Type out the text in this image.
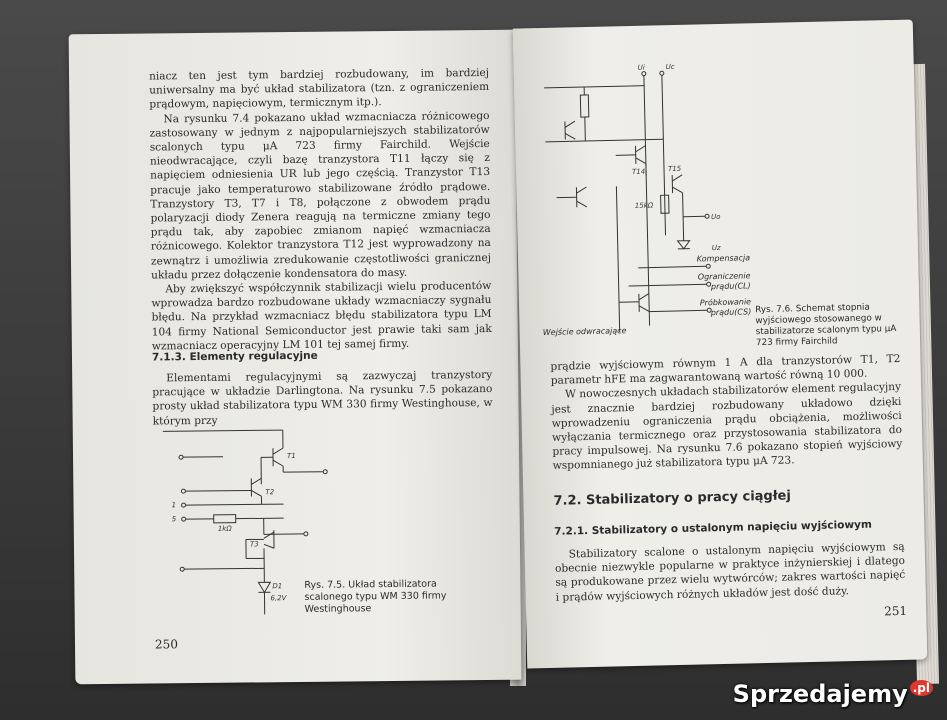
niacz ten jest tym bardziej rozbudowany, im bardziej uniwersalny ma być układ stabilizatora (tzn. z ograniczeniem prądowym, napięciowym, termicznym itp.).

Na rysunku 7.4 pokazano układ wzmacniacza różnicowego zastosowany w jednym z najpopularniejszych stabilizatorów scalonych typu μA 723 firmy Fairchild. Wejście nieodwracające, czyli bazę tranzystora T11 łączy się z napięciem odniesienia UR lub jego częścią. Tranzystor T13 pracuje jako temperaturowo stabilizowane źródło prądowe. Tranzystory T3, T7 i T8, połączone z obwodem prądu polaryzacji diody Zenera reagują na termiczne zmiany tego prądu tak, aby zapobiec zmianom napięć wzmacniacza różnicowego. Kolektor tranzystora T12 jest wyprowadzony na zewnątrz i umożliwia zredukowanie częstotliwości granicznej układu przez dołączenie kondensatora do masy.

Aby zwiększyć współczynnik stabilizacji wielu producentów wprowadza bardzo rozbudowane układy wzmacniaczy sygnału błędu. Na przykład wzmacniacz błędu stabilizatora typu LM 104 firmy National Semiconductor jest prawie taki sam jak wzmacniacz operacyjny LM 101 tej samej firmy.

7.1.3. Elementy regulacyjne

Elementami regulacyjnymi są zazwyczaj tranzystory pracujące w układzie Darlingtona. Na rysunku 7.5 pokazano prosty układ stabilizatora typu WM 330 firmy Westinghouse, w którym przy

T1
T2
T3
D1
6,2V
1kΩ
1
5
Rys. 7.5. Układ stabilizatora scalonego typu WM 330 firmy Westinghouse
250
T14	T15
15kΩ
Ui	Uc
Uo
Uz
Kompensacja
Ograniczenie prądu(CL)
Próbkowanie prądu(CS)
Wejście odwracające
Rys. 7.6. Schemat stopnia wyjściowego stosowanego w stabilizatorze scalonym typu μA 723 firmy Fairchild

prądzie wyjściowym równym 1 A dla tranzystorów T1, T2 parametr hFE ma zagwarantowaną wartość równą 10 000.

W nowoczesnych układach stabilizatorów element regulacyjny jest znacznie bardziej rozbudowany układowo dzięki wprowadzeniu ograniczenia prądu obciążenia, możliwości wyłączania termicznego oraz przystosowania stabilizatora do pracy impulsowej. Na rysunku 7.6 pokazano stopień wyjściowy wspomnianego już stabilizatora typu μA 723.

7.2. Stabilizatory o pracy ciągłej
7.2.1. Stabilizatory o ustalonym napięciu wyjściowym

Stabilizatory scalone o ustalonym napięciu wyjściowym są obecnie niezwykle popularne w praktyce inżynierskiej i dlatego są produkowane przez wielu wytwórców; zakres wartości napięć i prądów wyjściowych różnych układów jest dość duży.

251
Sprzedajemy .pl
